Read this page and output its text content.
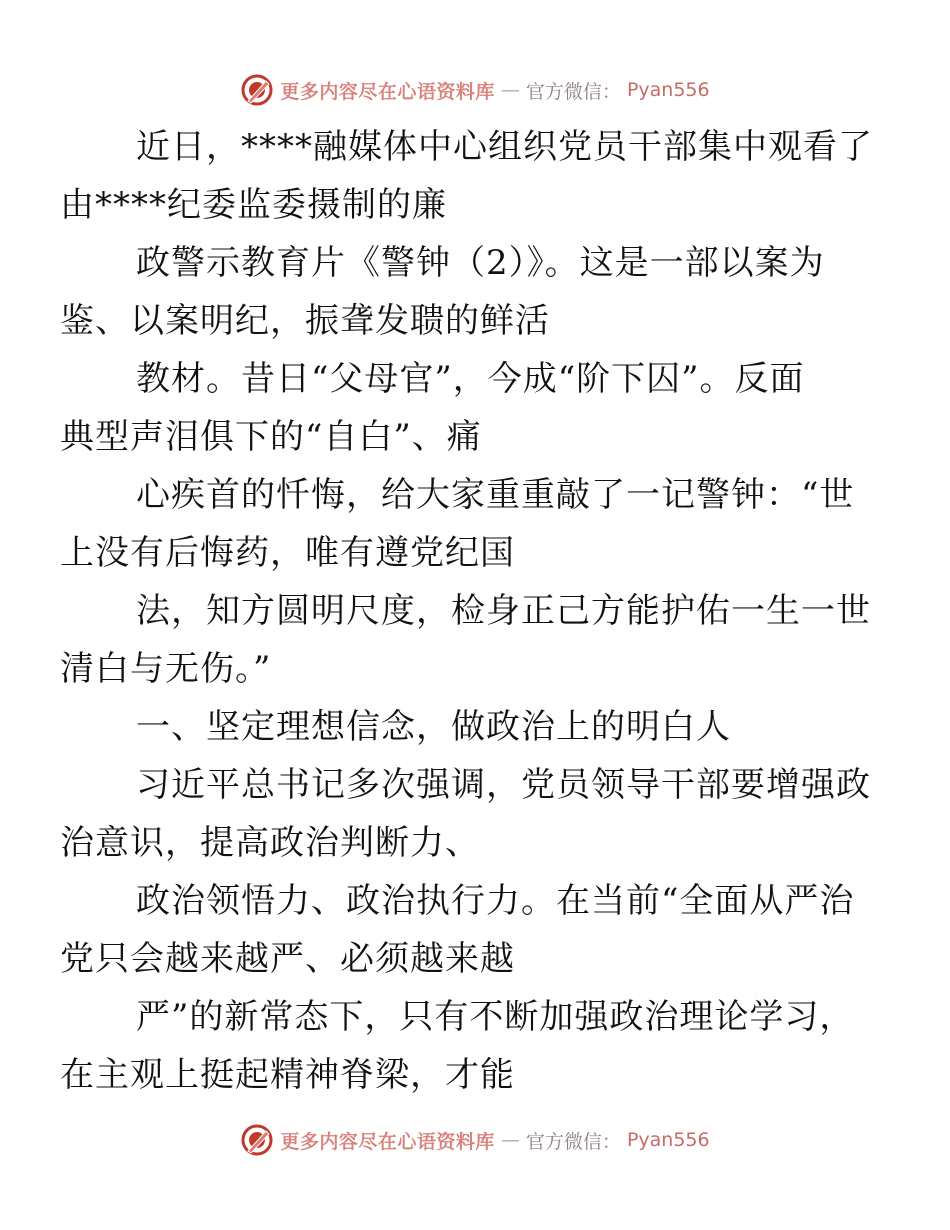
更多内容尽在心语资料库 — 官方微信： Pyan556

近日，****融媒体中心组织党员干部集中观看了
由****纪委监委摄制的廉

政警示教育片《警钟（2）》。这是一部以案为
鉴、以案明纪，振聋发聩的鲜活

教材。昔日“父母官”，今成“阶下囚”。反面
典型声泪俱下的“自白”、痛

心疾首的忏悔，给大家重重敲了一记警钟：“世
上没有后悔药，唯有遵党纪国

法，知方圆明尺度，检身正己方能护佑一生一世
清白与无伤。”

一、坚定理想信念，做政治上的明白人

习近平总书记多次强调，党员领导干部要增强政
治意识，提高政治判断力、

政治领悟力、政治执行力。在当前“全面从严治
党只会越来越严、必须越来越

严”的新常态下，只有不断加强政治理论学习，
在主观上挺起精神脊梁，才能

更多内容尽在心语资料库 — 官方微信： Pyan556
